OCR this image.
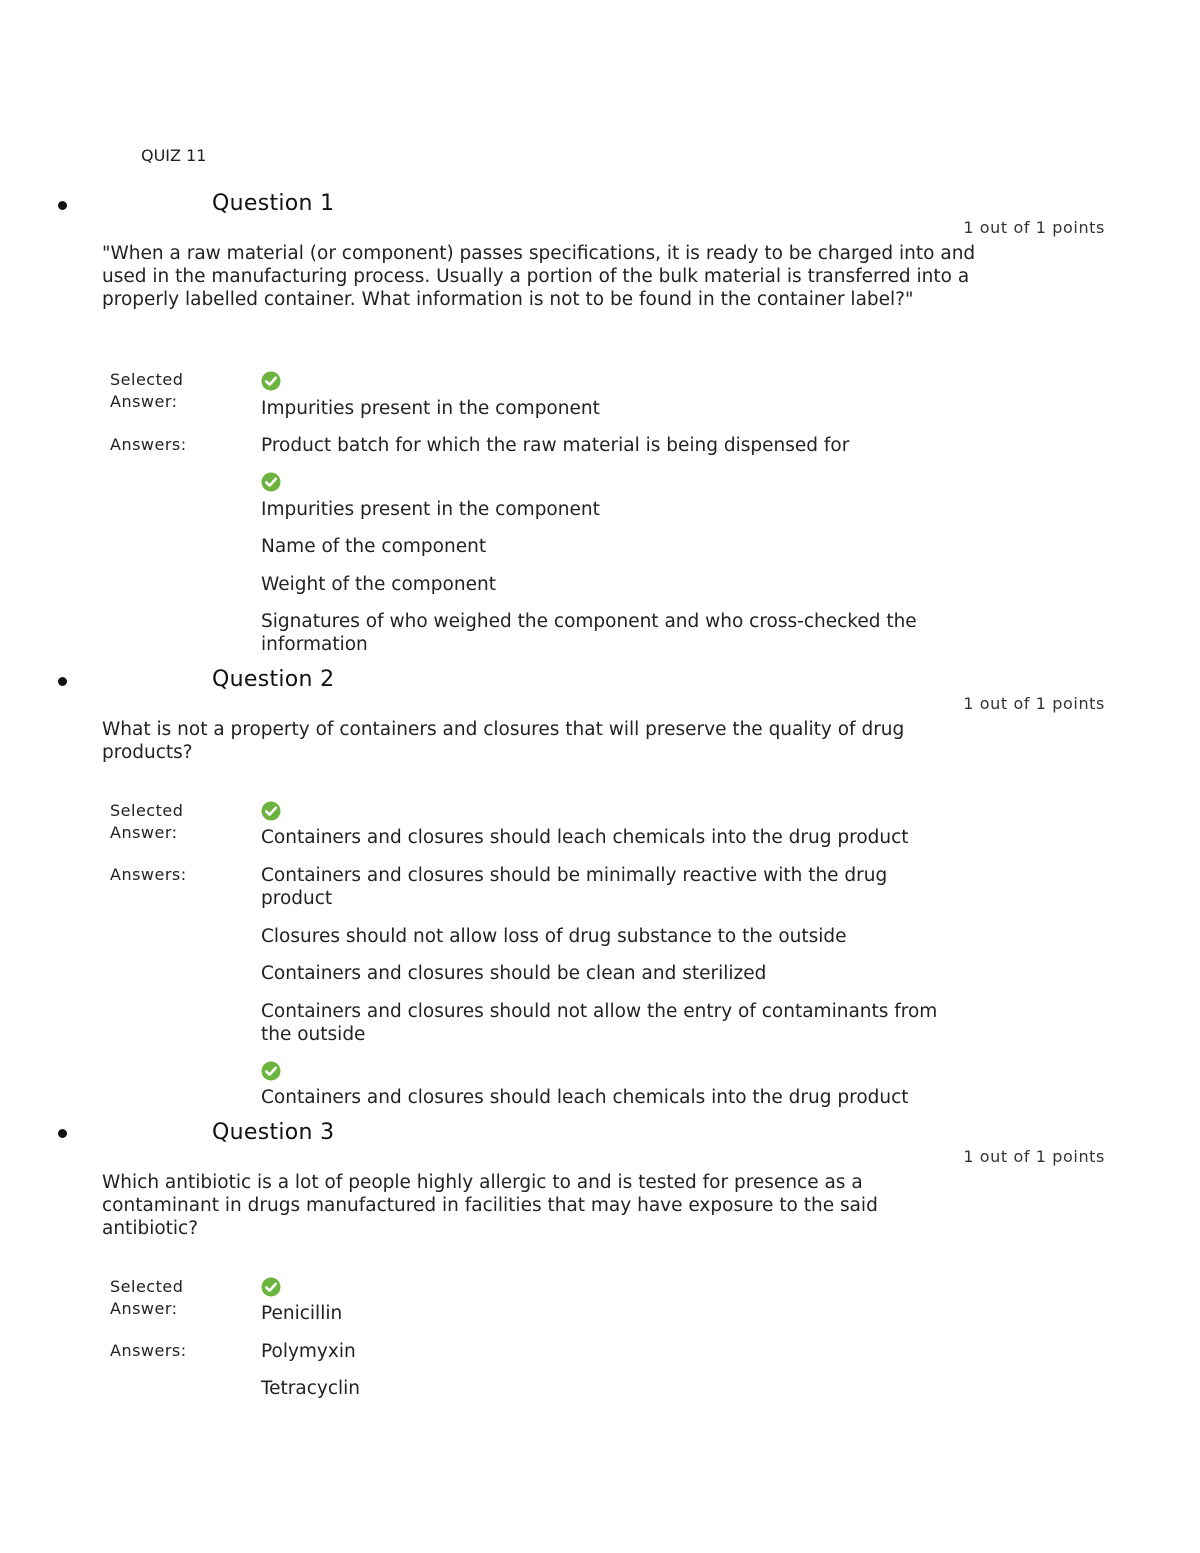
QUIZ 11
Question 1
1 out of 1 points
"When a raw material (or component) passes specifications, it is ready to be charged into and used in the manufacturing process. Usually a portion of the bulk material is transferred into a properly labelled container. What information is not to be found in the container label?"
Selected Answer:	Impurities present in the component
Answers:	Product batch for which the raw material is being dispensed for
Impurities present in the component
Name of the component
Weight of the component
Signatures of who weighed the component and who cross-checked the information
Question 2
1 out of 1 points
What is not a property of containers and closures that will preserve the quality of drug products?
Selected Answer:	Containers and closures should leach chemicals into the drug product
Answers:	Containers and closures should be minimally reactive with the drug product
Closures should not allow loss of drug substance to the outside
Containers and closures should be clean and sterilized
Containers and closures should not allow the entry of contaminants from the outside
Containers and closures should leach chemicals into the drug product
Question 3
1 out of 1 points
Which antibiotic is a lot of people highly allergic to and is tested for presence as a contaminant in drugs manufactured in facilities that may have exposure to the said antibiotic?
Selected Answer:	Penicillin
Answers:	Polymyxin
Tetracyclin
